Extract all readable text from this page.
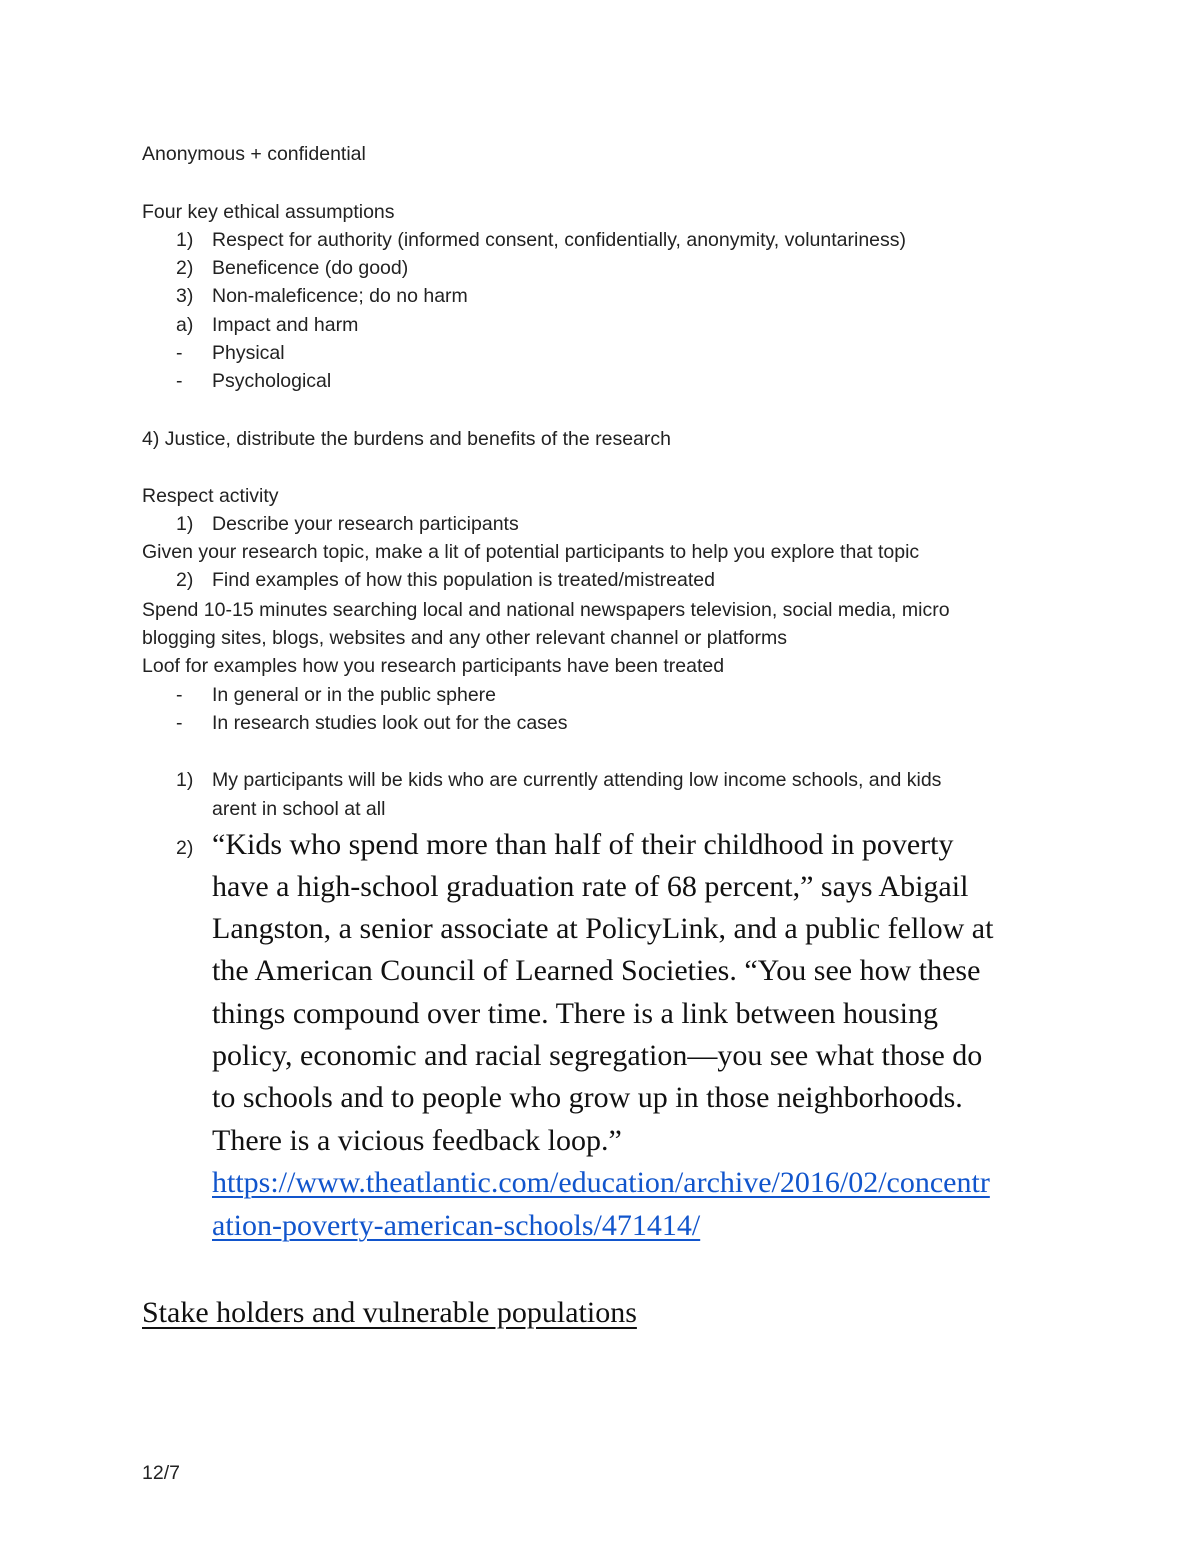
Anonymous + confidential
Four key ethical assumptions
1) Respect for authority (informed consent, confidentially, anonymity, voluntariness)
2) Beneficence (do good)
3) Non-maleficence; do no harm
a) Impact and harm
- Physical
- Psychological
4) Justice, distribute the burdens and benefits of the research
Respect activity
1) Describe your research participants
Given your research topic, make a lit of potential participants to help you explore that topic
2) Find examples of how this population is treated/mistreated
Spend 10-15 minutes searching local and national newspapers television, social media, micro
blogging sites, blogs, websites and any other relevant channel or platforms
Loof for examples how you research participants have been treated
- In general or in the public sphere
- In research studies look out for the cases
1) My participants will be kids who are currently attending low income schools, and kids
arent in school at all
2) “Kids who spend more than half of their childhood in poverty
have a high-school graduation rate of 68 percent,” says Abigail
Langston, a senior associate at PolicyLink, and a public fellow at
the American Council of Learned Societies. “You see how these
things compound over time. There is a link between housing
policy, economic and racial segregation—you see what those do
to schools and to people who grow up in those neighborhoods.
There is a vicious feedback loop.”
https://www.theatlantic.com/education/archive/2016/02/concentr
ation-poverty-american-schools/471414/
Stake holders and vulnerable populations
12/7
